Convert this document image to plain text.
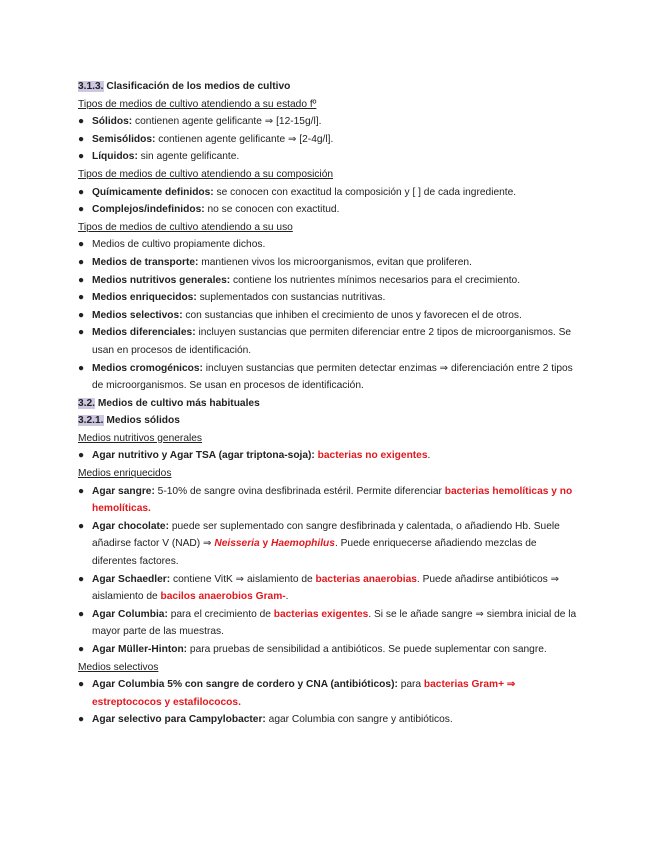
3.1.3. Clasificación de los medios de cultivo
Tipos de medios de cultivo atendiendo a su estado fº
● Sólidos: contienen agente gelificante ⇒ [12-15g/l].
● Semisólidos: contienen agente gelificante ⇒ [2-4g/l].
● Líquidos: sin agente gelificante.
Tipos de medios de cultivo atendiendo a su composición
● Químicamente definidos: se conocen con exactitud la composición y [ ] de cada ingrediente.
● Complejos/indefinidos: no se conocen con exactitud.
Tipos de medios de cultivo atendiendo a su uso
● Medios de cultivo propiamente dichos.
● Medios de transporte: mantienen vivos los microorganismos, evitan que proliferen.
● Medios nutritivos generales: contiene los nutrientes mínimos necesarios para el crecimiento.
● Medios enriquecidos: suplementados con sustancias nutritivas.
● Medios selectivos: con sustancias que inhiben el crecimiento de unos y favorecen el de otros.
● Medios diferenciales: incluyen sustancias que permiten diferenciar entre 2 tipos de microorganismos. Se usan en procesos de identificación.
● Medios cromogénicos: incluyen sustancias que permiten detectar enzimas ⇒ diferenciación entre 2 tipos de microorganismos. Se usan en procesos de identificación.
3.2. Medios de cultivo más habituales
3.2.1. Medios sólidos
Medios nutritivos generales
● Agar nutritivo y Agar TSA (agar triptona-soja): bacterias no exigentes.
Medios enriquecidos
● Agar sangre: 5-10% de sangre ovina desfibrinada estéril. Permite diferenciar bacterias hemolíticas y no hemolíticas.
● Agar chocolate: puede ser suplementado con sangre desfibrinada y calentada, o añadiendo Hb. Suele añadirse factor V (NAD) ⇒ Neisseria y Haemophilus. Puede enriquecerse añadiendo mezclas de diferentes factores.
● Agar Schaedler: contiene VitK ⇒ aislamiento de bacterias anaerobias. Puede añadirse antibióticos ⇒ aislamiento de bacilos anaerobios Gram-.
● Agar Columbia: para el crecimiento de bacterias exigentes. Si se le añade sangre ⇒ siembra inicial de la mayor parte de las muestras.
● Agar Müller-Hinton: para pruebas de sensibilidad a antibióticos. Se puede suplementar con sangre.
Medios selectivos
● Agar Columbia 5% con sangre de cordero y CNA (antibióticos): para bacterias Gram+ ⇒ estreptococos y estafilococos.
● Agar selectivo para Campylobacter: agar Columbia con sangre y antibióticos.
